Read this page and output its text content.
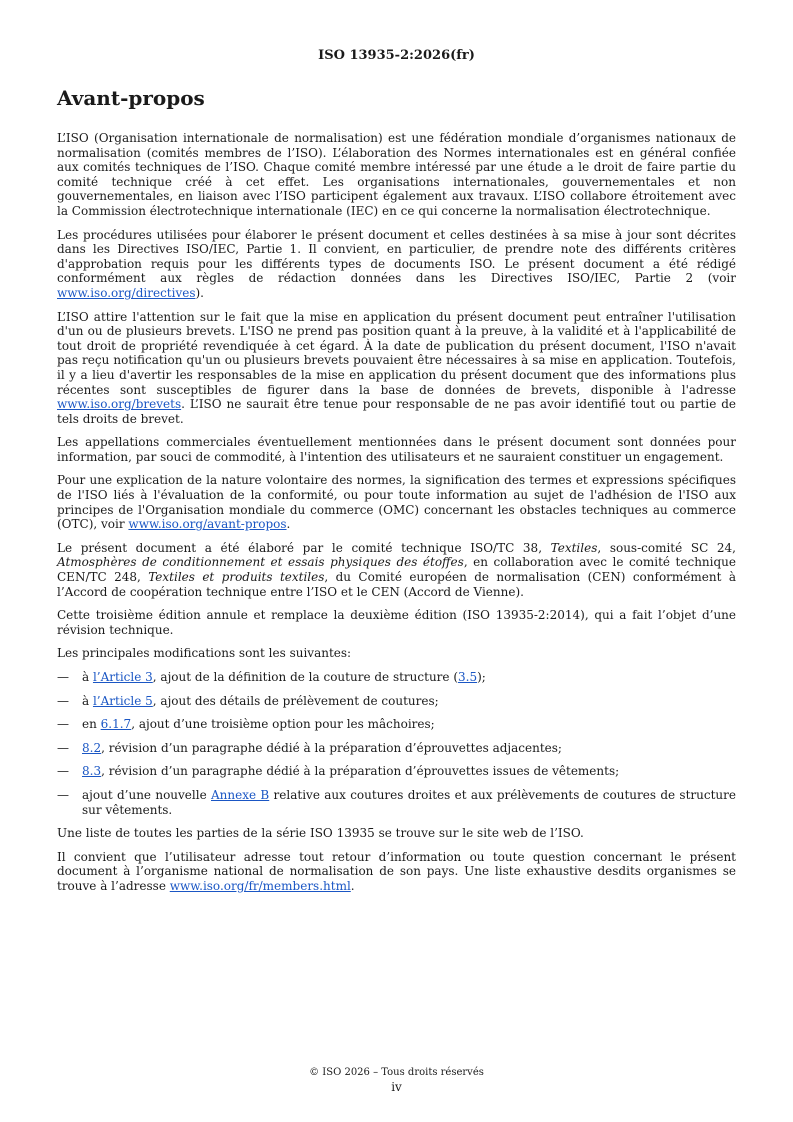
ISO 13935-2:2026(fr)
Avant-propos

L’ISO (Organisation internationale de normalisation) est une fédération mondiale d’organismes nationaux de normalisation (comités membres de l’ISO). L’élaboration des Normes internationales est en général confiée aux comités techniques de l’ISO. Chaque comité membre intéressé par une étude a le droit de faire partie du comité technique créé à cet effet. Les organisations internationales, gouvernementales et non gouvernementales, en liaison avec l’ISO participent également aux travaux. L’ISO collabore étroitement avec la Commission électrotechnique internationale (IEC) en ce qui concerne la normalisation électrotechnique.

Les procédures utilisées pour élaborer le présent document et celles destinées à sa mise à jour sont décrites dans les Directives ISO/IEC, Partie 1. Il convient, en particulier, de prendre note des différents critères d'approbation requis pour les différents types de documents ISO. Le présent document a été rédigé conformément aux règles de rédaction données dans les Directives ISO/IEC, Partie 2 (voir www.iso.org/directives).

L’ISO attire l'attention sur le fait que la mise en application du présent document peut entraîner l'utilisation d'un ou de plusieurs brevets. L'ISO ne prend pas position quant à la preuve, à la validité et à l'applicabilité de tout droit de propriété revendiquée à cet égard. À la date de publication du présent document, l'ISO n'avait pas reçu notification qu'un ou plusieurs brevets pouvaient être nécessaires à sa mise en application. Toutefois, il y a lieu d'avertir les responsables de la mise en application du présent document que des informations plus récentes sont susceptibles de figurer dans la base de données de brevets, disponible à l'adresse www.iso.org/brevets. L’ISO ne saurait être tenue pour responsable de ne pas avoir identifié tout ou partie de tels droits de brevet.

Les appellations commerciales éventuellement mentionnées dans le présent document sont données pour information, par souci de commodité, à l'intention des utilisateurs et ne sauraient constituer un engagement.

Pour une explication de la nature volontaire des normes, la signification des termes et expressions spécifiques de l'ISO liés à l'évaluation de la conformité, ou pour toute information au sujet de l'adhésion de l'ISO aux principes de l'Organisation mondiale du commerce (OMC) concernant les obstacles techniques au commerce (OTC), voir www.iso.org/avant-propos.

Le présent document a été élaboré par le comité technique ISO/TC 38, Textiles, sous-comité SC 24, Atmosphères de conditionnement et essais physiques des étoffes, en collaboration avec le comité technique CEN/TC 248, Textiles et produits textiles, du Comité européen de normalisation (CEN) conformément à l’Accord de coopération technique entre l’ISO et le CEN (Accord de Vienne).

Cette troisième édition annule et remplace la deuxième édition (ISO 13935-2:2014), qui a fait l’objet d’une révision technique.

Les principales modifications sont les suivantes:

— à l’Article 3, ajout de la définition de la couture de structure (3.5);
— à l’Article 5, ajout des détails de prélèvement de coutures;
— en 6.1.7, ajout d’une troisième option pour les mâchoires;
— 8.2, révision d’un paragraphe dédié à la préparation d’éprouvettes adjacentes;
— 8.3, révision d’un paragraphe dédié à la préparation d’éprouvettes issues de vêtements;
— ajout d’une nouvelle Annexe B relative aux coutures droites et aux prélèvements de coutures de structure sur vêtements.

Une liste de toutes les parties de la série ISO 13935 se trouve sur le site web de l’ISO.

Il convient que l’utilisateur adresse tout retour d’information ou toute question concernant le présent document à l’organisme national de normalisation de son pays. Une liste exhaustive desdits organismes se trouve à l’adresse www.iso.org/fr/members.html.

© ISO 2026 – Tous droits réservés
iv
